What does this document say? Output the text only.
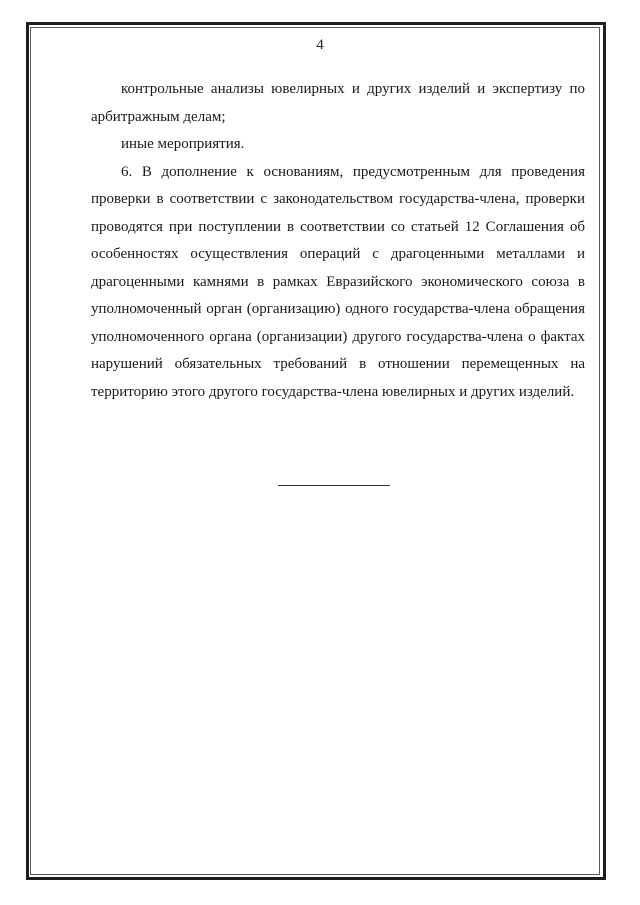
4

контрольные анализы ювелирных и других изделий и экспертизу по арбитражным делам;

иные мероприятия.

6. В дополнение к основаниям, предусмотренным для проведения проверки в соответствии с законодательством государства-члена, проверки проводятся при поступлении в соответствии со статьей 12 Соглашения об особенностях осуществления операций с драгоценными металлами и драгоценными камнями в рамках Евразийского экономического союза в уполномоченный орган (организацию) одного государства-члена обращения уполномоченного органа (организации) другого государства-члена о фактах нарушений обязательных требований в отношении перемещенных на территорию этого другого государства-члена ювелирных и других изделий.
